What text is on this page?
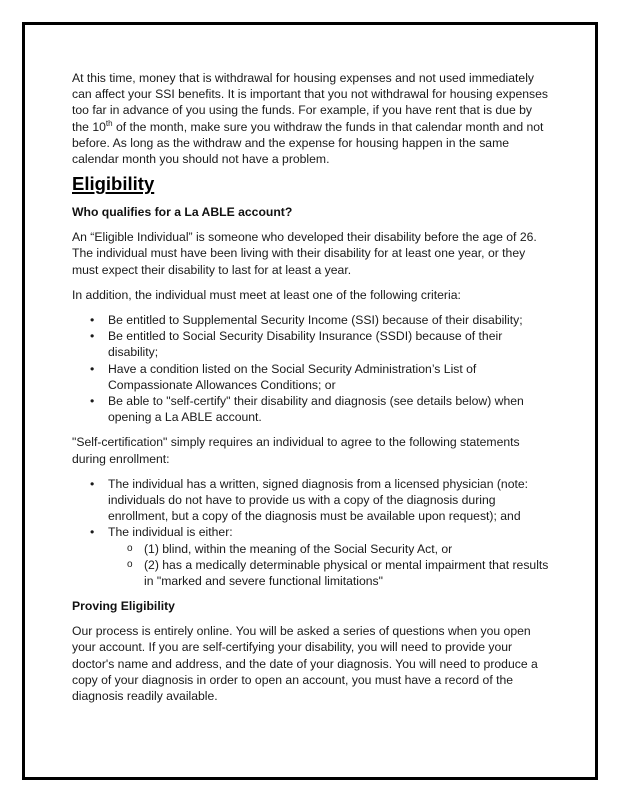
At this time, money that is withdrawal for housing expenses and not used immediately can affect your SSI benefits. It is important that you not withdrawal for housing expenses too far in advance of you using the funds. For example, if you have rent that is due by the 10th of the month, make sure you withdraw the funds in that calendar month and not before. As long as the withdraw and the expense for housing happen in the same calendar month you should not have a problem.

Eligibility
Who qualifies for a La ABLE account?

An “Eligible Individual” is someone who developed their disability before the age of 26. The individual must have been living with their disability for at least one year, or they must expect their disability to last for at least a year.

In addition, the individual must meet at least one of the following criteria:

• Be entitled to Supplemental Security Income (SSI) because of their disability;
• Be entitled to Social Security Disability Insurance (SSDI) because of their disability;
• Have a condition listed on the Social Security Administration’s List of Compassionate Allowances Conditions; or
• Be able to "self-certify" their disability and diagnosis (see details below) when opening a La ABLE account.

"Self-certification" simply requires an individual to agree to the following statements during enrollment:

• The individual has a written, signed diagnosis from a licensed physician (note: individuals do not have to provide us with a copy of the diagnosis during enrollment, but a copy of the diagnosis must be available upon request); and
• The individual is either:
o (1) blind, within the meaning of the Social Security Act, or
o (2) has a medically determinable physical or mental impairment that results in "marked and severe functional limitations"
Proving Eligibility

Our process is entirely online. You will be asked a series of questions when you open your account. If you are self-certifying your disability, you will need to provide your doctor's name and address, and the date of your diagnosis. You will need to produce a copy of your diagnosis in order to open an account, you must have a record of the diagnosis readily available.
